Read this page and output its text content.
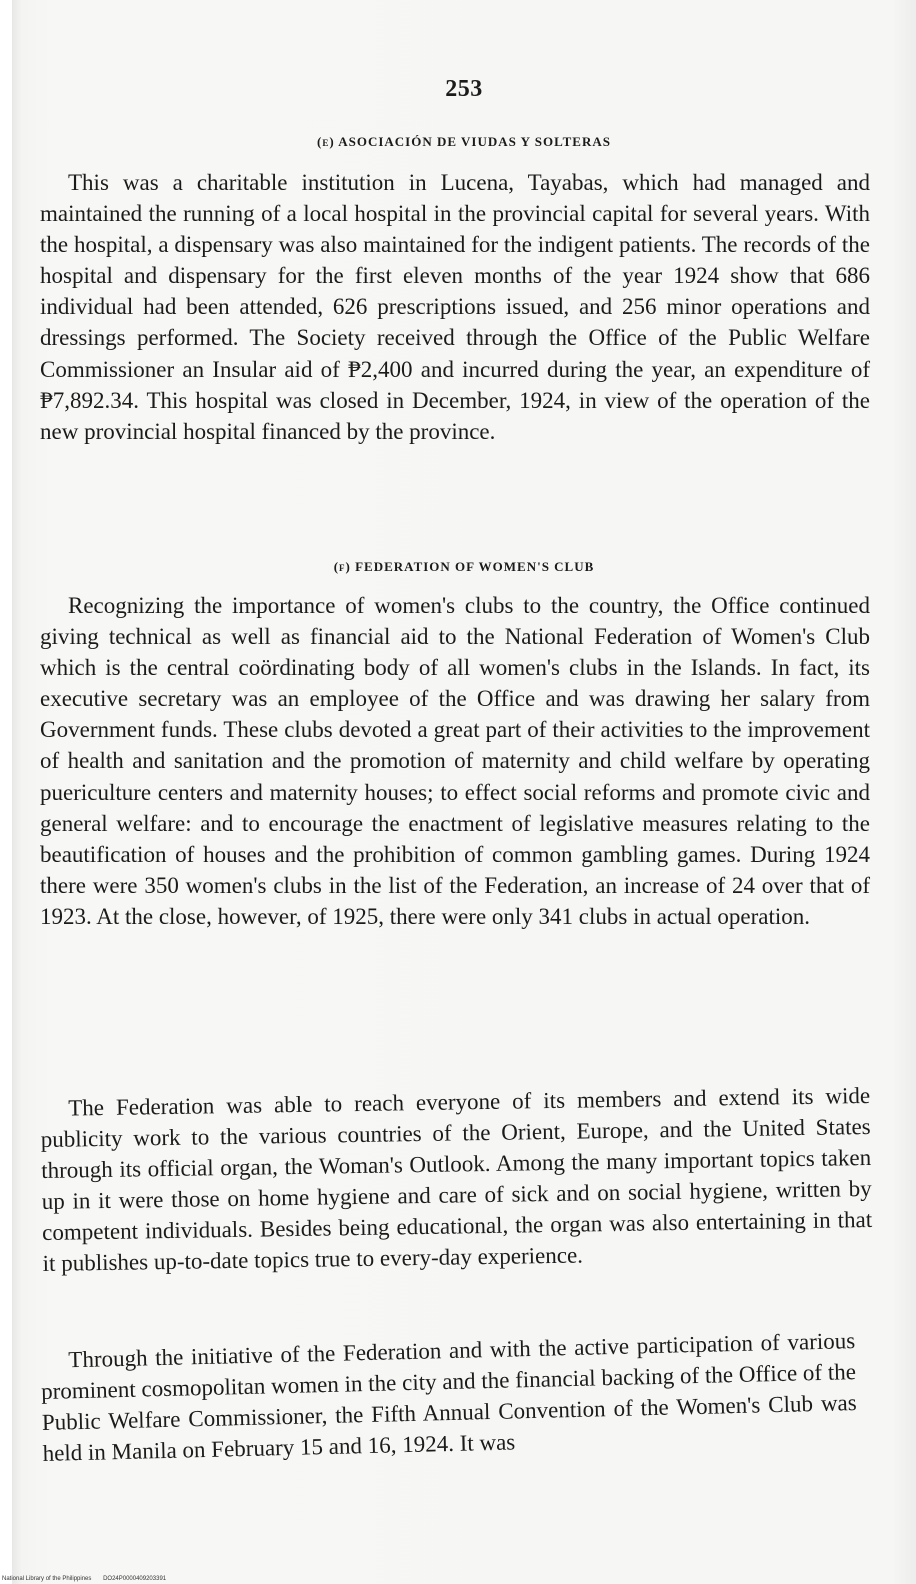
253
(e) ASOCIACIÓN DE VIUDAS Y SOLTERAS

This was a charitable institution in Lucena, Tayabas, which had managed and maintained the running of a local hospital in the provincial capital for several years. With the hospital, a dispensary was also maintained for the indigent patients. The records of the hospital and dispensary for the first eleven months of the year 1924 show that 686 individual had been attended, 626 prescriptions issued, and 256 minor operations and dressings performed. The Society received through the Office of the Public Welfare Commissioner an Insular aid of ₱2,400 and incurred during the year, an expenditure of ₱7,892.34. This hospital was closed in December, 1924, in view of the operation of the new provincial hospital financed by the province.

(f) FEDERATION OF WOMEN'S CLUB

Recognizing the importance of women's clubs to the country, the Office continued giving technical as well as financial aid to the National Federation of Women's Club which is the central coördinating body of all women's clubs in the Islands. In fact, its executive secretary was an employee of the Office and was drawing her salary from Government funds. These clubs devoted a great part of their activities to the improvement of health and sanitation and the promotion of maternity and child welfare by operating puericulture centers and maternity houses; to effect social reforms and promote civic and general welfare: and to encourage the enactment of legislative measures relating to the beautification of houses and the prohibition of common gambling games. During 1924 there were 350 women's clubs in the list of the Federation, an increase of 24 over that of 1923. At the close, however, of 1925, there were only 341 clubs in actual operation.

The Federation was able to reach everyone of its members and extend its wide publicity work to the various countries of the Orient, Europe, and the United States through its official organ, the Woman's Outlook. Among the many important topics taken up in it were those on home hygiene and care of sick and on social hygiene, written by competent individuals. Besides being educational, the organ was also entertaining in that it publishes up-to-date topics true to every-day experience.

Through the initiative of the Federation and with the active participation of various prominent cosmopolitan women in the city and the financial backing of the Office of the Public Welfare Commissioner, the Fifth Annual Convention of the Women's Club was held in Manila on February 15 and 16, 1924. It was

National Library of the Philippines DO24P0000409203391
